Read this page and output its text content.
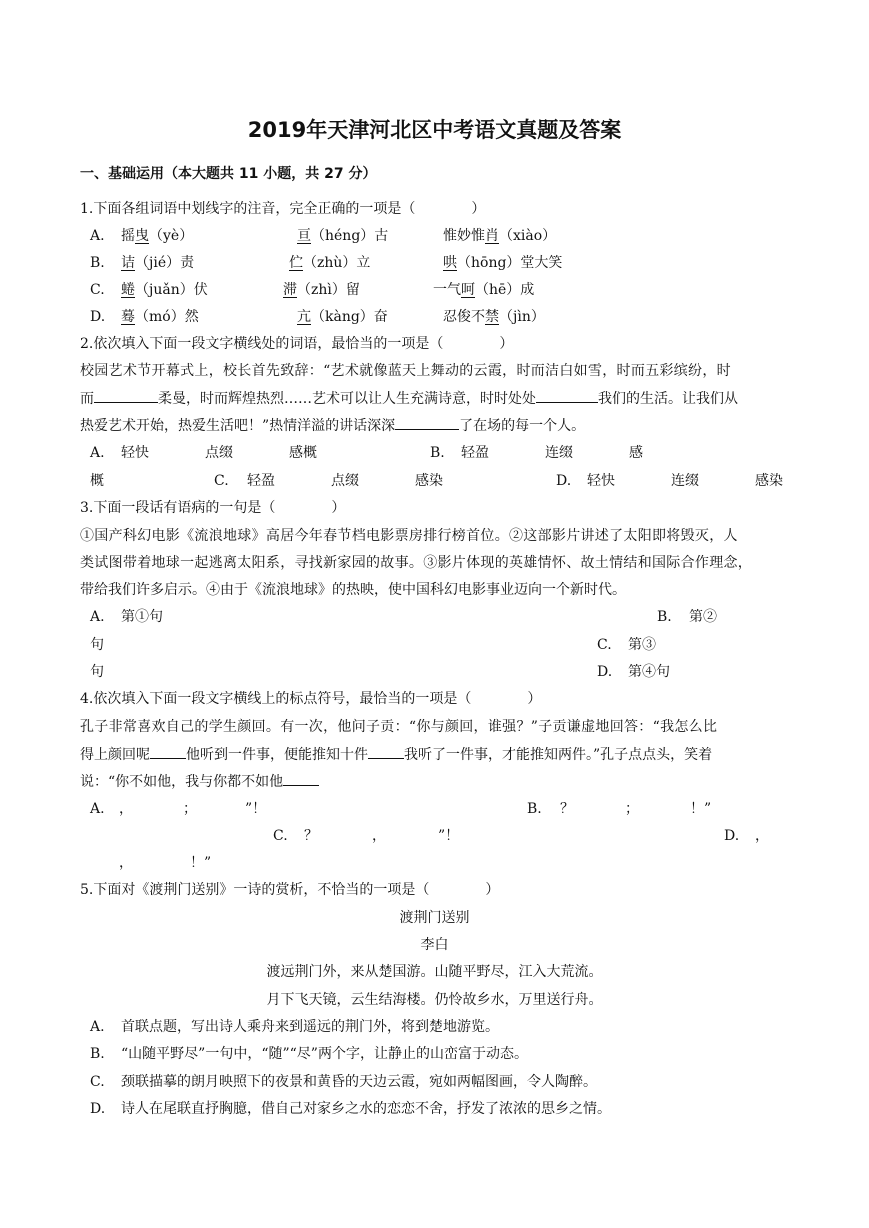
2019年天津河北区中考语文真题及答案
一、基础运用（本大题共 11 小题，共 27 分）
1.下面各组词语中划线字的注音，完全正确的一项是（　　　　）
A. 摇曳（yè）	亘（héng）古	惟妙惟肖（xiào）
B. 诘（jié）责	伫（zhù）立	哄（hōng）堂大笑
C. 蜷（juǎn）伏	滞（zhì）留	一气呵（hē）成
D. 蓦（mó）然	亢（kàng）奋	忍俊不禁（jìn）
2.依次填入下面一段文字横线处的词语，最恰当的一项是（　　　　）
校园艺术节开幕式上，校长首先致辞：“艺术就像蓝天上舞动的云霞，时而洁白如雪，时而五彩缤纷，时
而	柔曼，时而辉煌热烈……艺术可以让人生充满诗意，时时处处	我们的生活。让我们从
热爱艺术开始，热爱生活吧！”热情洋溢的讲话深深	了在场的每一个人。
A. 轻快	点缀	感概	B. 轻盈	连缀	感
概	C. 轻盈	点缀	感染	D. 轻快	连缀	感染
3.下面一段话有语病的一句是（　　　　）
①国产科幻电影《流浪地球》高居今年春节档电影票房排行榜首位。②这部影片讲述了太阳即将毁灭，人
类试图带着地球一起逃离太阳系，寻找新家园的故事。③影片体现的英雄情怀、故土情结和国际合作理念，
带给我们许多启示。④由于《流浪地球》的热映，使中国科幻电影事业迈向一个新时代。
A. 第①句	B. 第②
句	C. 第③
句	D. 第④句
4.依次填入下面一段文字横线上的标点符号，最恰当的一项是（　　　　）
孔子非常喜欢自己的学生颜回。有一次，他问子贡：“你与颜回，谁强？”子贡谦虚地回答：“我怎么比
得上颜回呢	他听到一件事，便能推知十件	我听了一件事，才能推知两件。”孔子点点头，笑着
说：“你不如他，我与你都不如他
A. ，	；	”！	B. ？	；	！”
C. ？	，	”！	D. ，
，	！”
5.下面对《渡荆门送别》一诗的赏析，不恰当的一项是（　　　　）
渡荆门送别
李白
渡远荆门外，来从楚国游。山随平野尽，江入大荒流。
月下飞天镜，云生结海楼。仍怜故乡水，万里送行舟。
A. 首联点题，写出诗人乘舟来到遥远的荆门外，将到楚地游览。
B. “山随平野尽”一句中，“随”“尽”两个字，让静止的山峦富于动态。
C. 颈联描摹的朗月映照下的夜景和黄昏的天边云霞，宛如两幅图画，令人陶醉。
D. 诗人在尾联直抒胸臆，借自己对家乡之水的恋恋不舍，抒发了浓浓的思乡之情。
